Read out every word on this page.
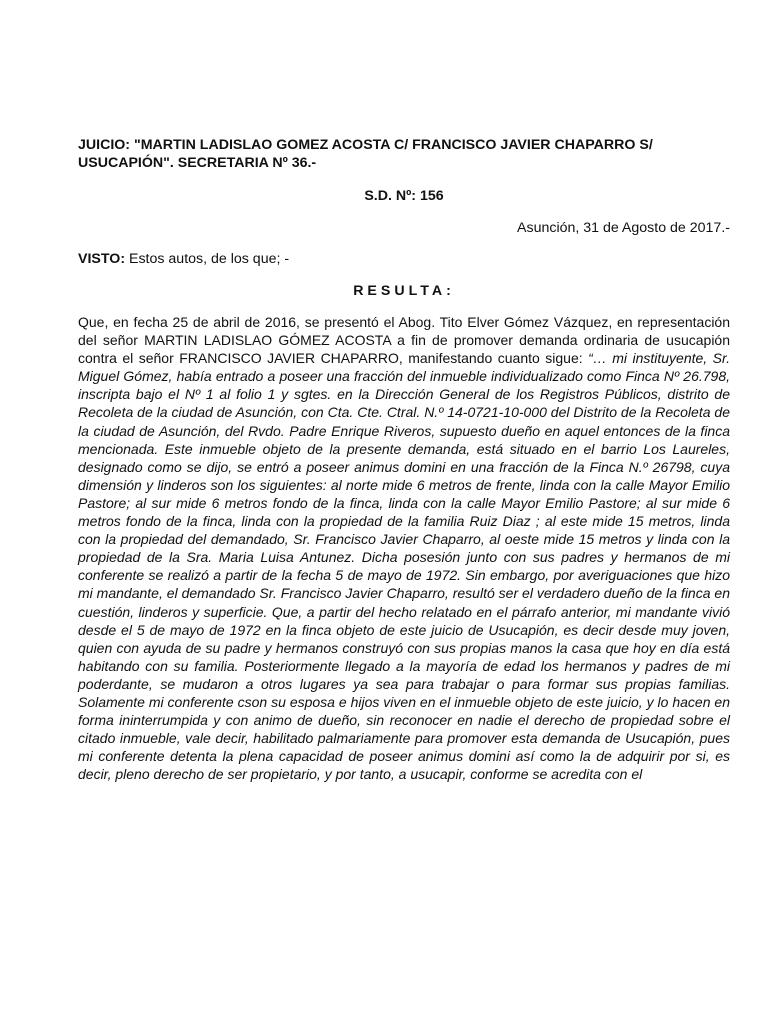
JUICIO: "MARTIN LADISLAO GOMEZ ACOSTA C/ FRANCISCO JAVIER CHAPARRO S/ USUCAPIÓN". SECRETARIA Nº 36.-

S.D. Nº: 156
Asunción, 31 de Agosto de 2017.-
VISTO: Estos autos, de los que; -
RESULTA:
Que, en fecha 25 de abril de 2016, se presentó el Abog. Tito Elver Gómez Vázquez, en representación del señor MARTIN LADISLAO GÓMEZ ACOSTA a fin de promover demanda ordinaria de usucapión contra el señor FRANCISCO JAVIER CHAPARRO, manifestando cuanto sigue: “… mi instituyente, Sr. Miguel Gómez, había entrado a poseer una fracción del inmueble individualizado como Finca Nº 26.798, inscripta bajo el Nº 1 al folio 1 y sgtes. en la Dirección General de los Registros Públicos, distrito de Recoleta de la ciudad de Asunción, con Cta. Cte. Ctral. N.º 14-0721-10-000 del Distrito de la Recoleta de la ciudad de Asunción, del Rvdo. Padre Enrique Riveros, supuesto dueño en aquel entonces de la finca mencionada. Este inmueble objeto de la presente demanda, está situado en el barrio Los Laureles, designado como se dijo, se entró a poseer animus domini en una fracción de la Finca N.º 26798, cuya dimensión y linderos son los siguientes: al norte mide 6 metros de frente, linda con la calle Mayor Emilio Pastore; al sur mide 6 metros fondo de la finca, linda con la calle Mayor Emilio Pastore; al sur mide 6 metros fondo de la finca, linda con la propiedad de la familia Ruiz Diaz ; al este mide 15 metros, linda con la propiedad del demandado, Sr. Francisco Javier Chaparro, al oeste mide 15 metros y linda con la propiedad de la Sra. Maria Luisa Antunez. Dicha posesión junto con sus padres y hermanos de mi conferente se realizó a partir de la fecha 5 de mayo de 1972. Sin embargo, por averiguaciones que hizo mi mandante, el demandado Sr. Francisco Javier Chaparro, resultó ser el verdadero dueño de la finca en cuestión, linderos y superficie. Que, a partir del hecho relatado en el párrafo anterior, mi mandante vivió desde el 5 de mayo de 1972 en la finca objeto de este juicio de Usucapión, es decir desde muy joven, quien con ayuda de su padre y hermanos construyó con sus propias manos la casa que hoy en día está habitando con su familia. Posteriormente llegado a la mayoría de edad los hermanos y padres de mi poderdante, se mudaron a otros lugares ya sea para trabajar o para formar sus propias familias. Solamente mi conferente cson su esposa e hijos viven en el inmueble objeto de este juicio, y lo hacen en forma ininterrumpida y con animo de dueño, sin reconocer en nadie el derecho de propiedad sobre el citado inmueble, vale decir, habilitado palmariamente para promover esta demanda de Usucapión, pues mi conferente detenta la plena capacidad de poseer animus domini así como la de adquirir por si, es decir, pleno derecho de ser propietario, y por tanto, a usucapir, conforme se acredita con el
